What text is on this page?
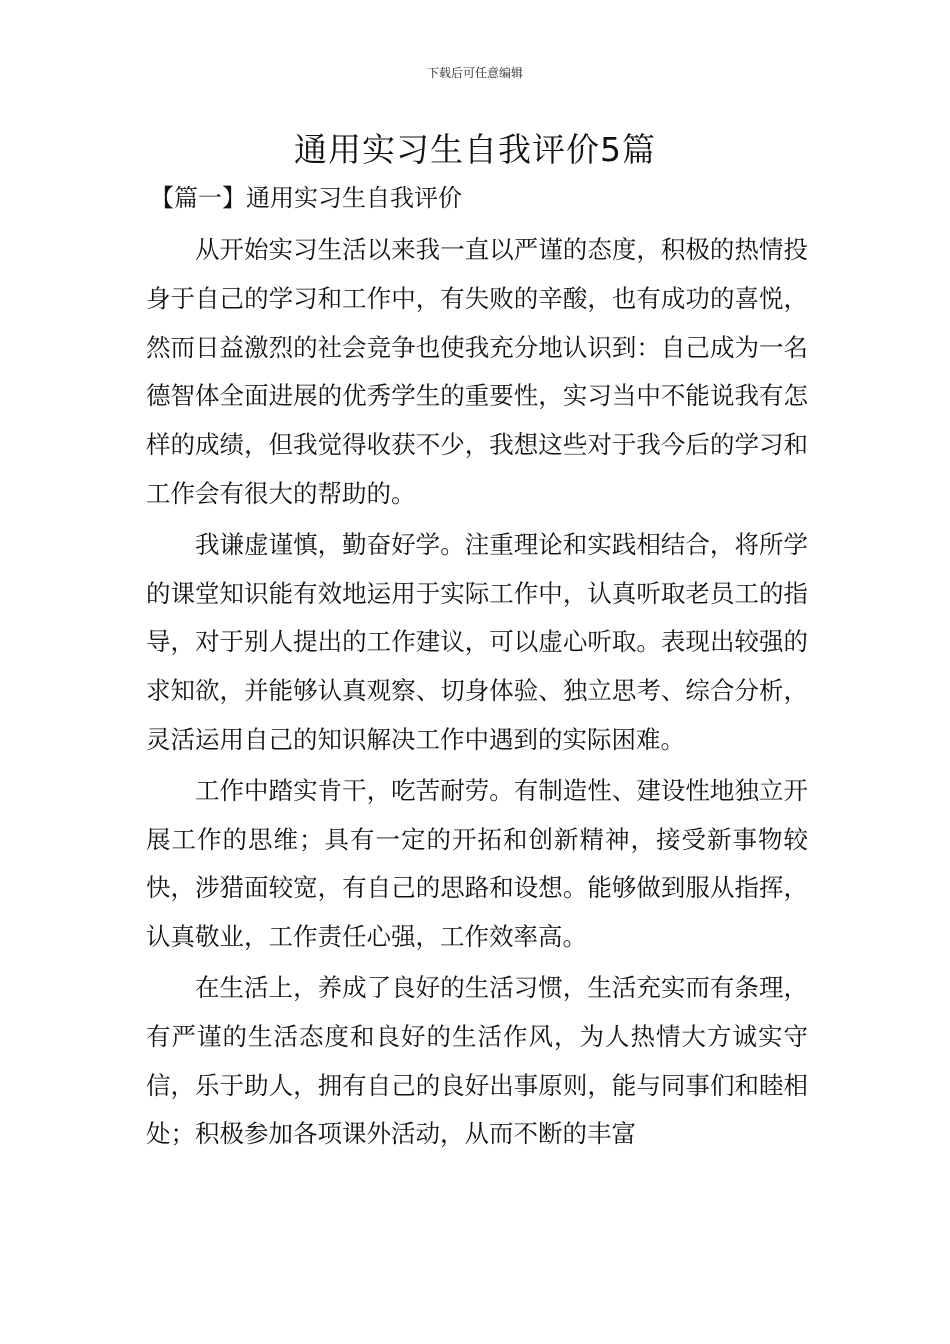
下载后可任意编辑
通用实习生自我评价5篇
【篇一】通用实习生自我评价

从开始实习生活以来我一直以严谨的态度，积极的热情投身于自己的学习和工作中，有失败的辛酸，也有成功的喜悦，然而日益激烈的社会竞争也使我充分地认识到：自己成为一名德智体全面进展的优秀学生的重要性，实习当中不能说我有怎样的成绩，但我觉得收获不少，我想这些对于我今后的学习和工作会有很大的帮助的。

我谦虚谨慎，勤奋好学。注重理论和实践相结合，将所学的课堂知识能有效地运用于实际工作中，认真听取老员工的指导，对于别人提出的工作建议，可以虚心听取。表现出较强的求知欲，并能够认真观察、切身体验、独立思考、综合分析，灵活运用自己的知识解决工作中遇到的实际困难。

工作中踏实肯干，吃苦耐劳。有制造性、建设性地独立开展工作的思维；具有一定的开拓和创新精神，接受新事物较快，涉猎面较宽，有自己的思路和设想。能够做到服从指挥，认真敬业，工作责任心强，工作效率高。

在生活上，养成了良好的生活习惯，生活充实而有条理，有严谨的生活态度和良好的生活作风，为人热情大方诚实守信，乐于助人，拥有自己的良好出事原则，能与同事们和睦相处；积极参加各项课外活动，从而不断的丰富
